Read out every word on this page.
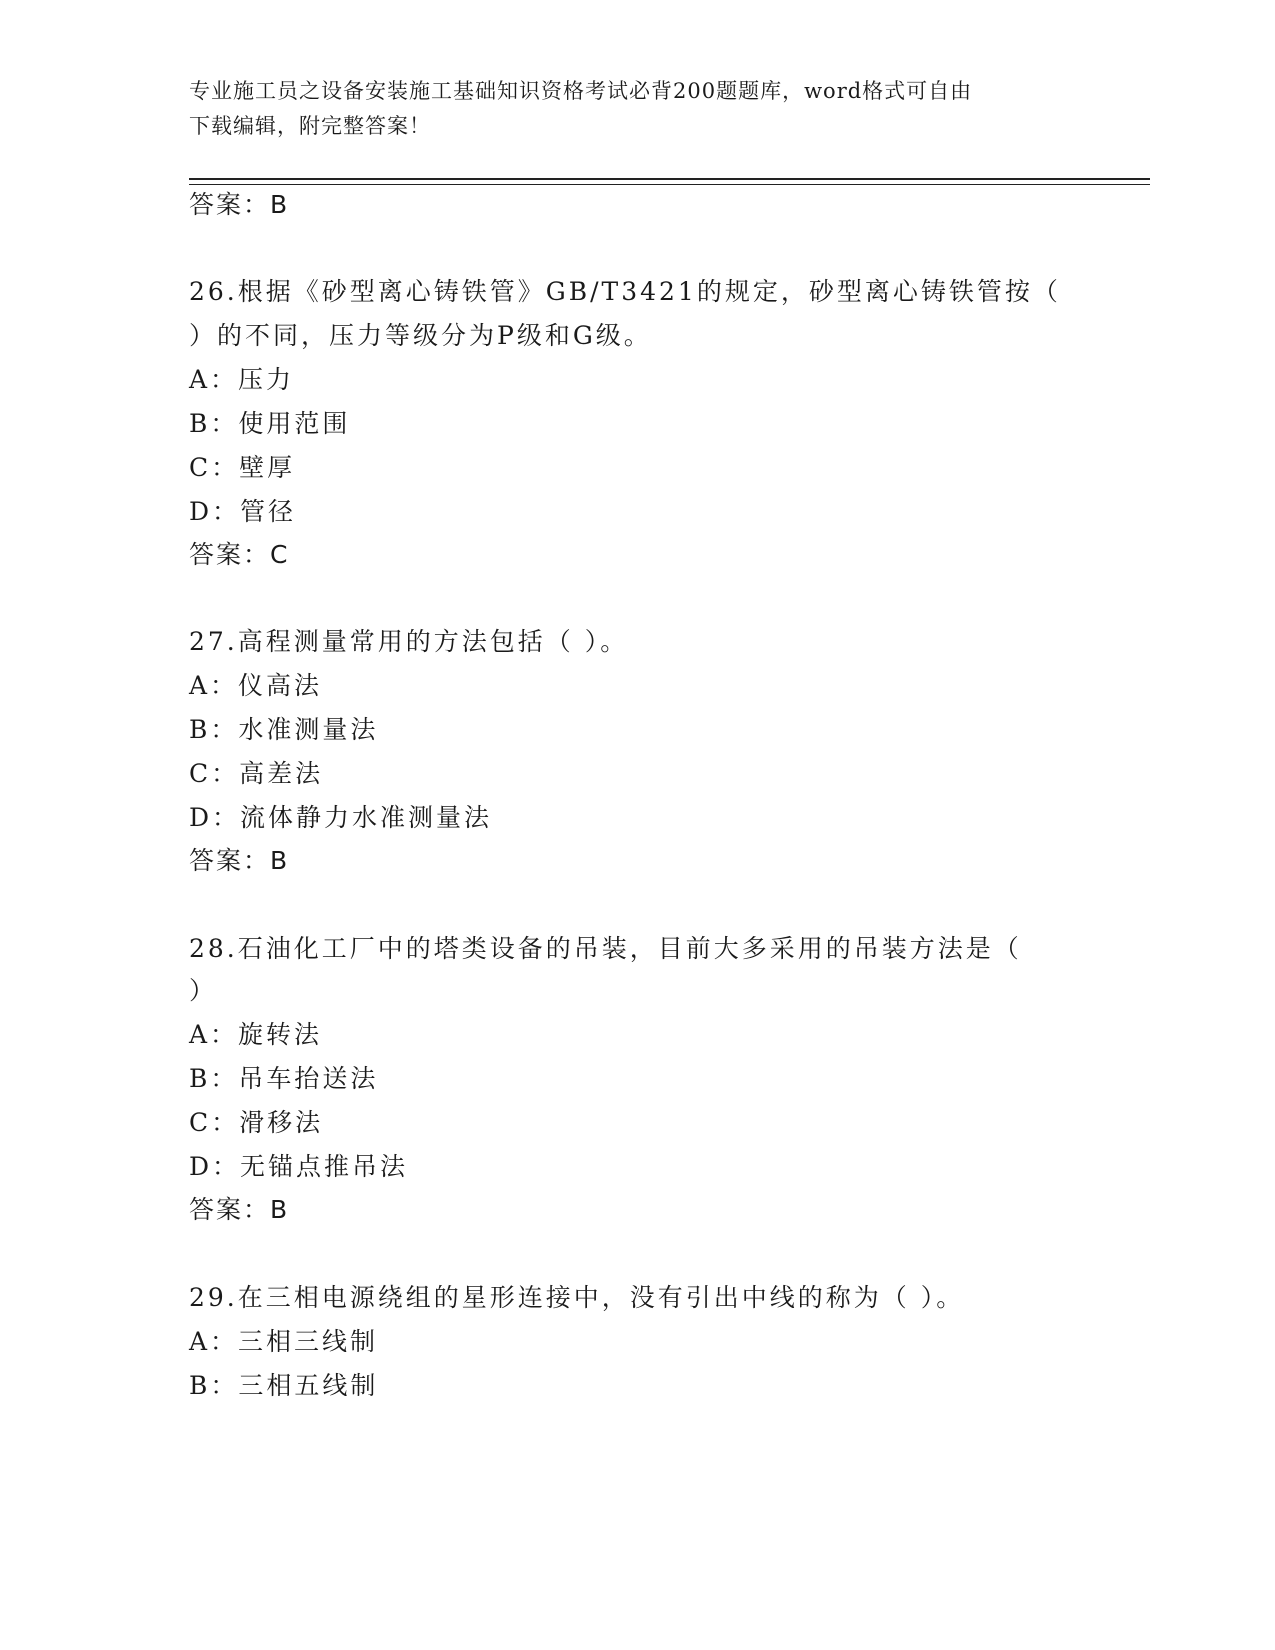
专业施工员之设备安装施工基础知识资格考试必背200题题库，word格式可自由
下载编辑，附完整答案！
答案：B
26.根据《砂型离心铸铁管》GB/T3421的规定，砂型离心铸铁管按（
）的不同，压力等级分为P级和G级。
A：压力
B：使用范围
C：壁厚
D：管径
答案：C
27.高程测量常用的方法包括（ ）。
A：仪高法
B：水准测量法
C：高差法
D：流体静力水准测量法
答案：B
28.石油化工厂中的塔类设备的吊装，目前大多采用的吊装方法是（
）
A：旋转法
B：吊车抬送法
C：滑移法
D：无锚点推吊法
答案：B
29.在三相电源绕组的星形连接中，没有引出中线的称为（ ）。
A：三相三线制
B：三相五线制
